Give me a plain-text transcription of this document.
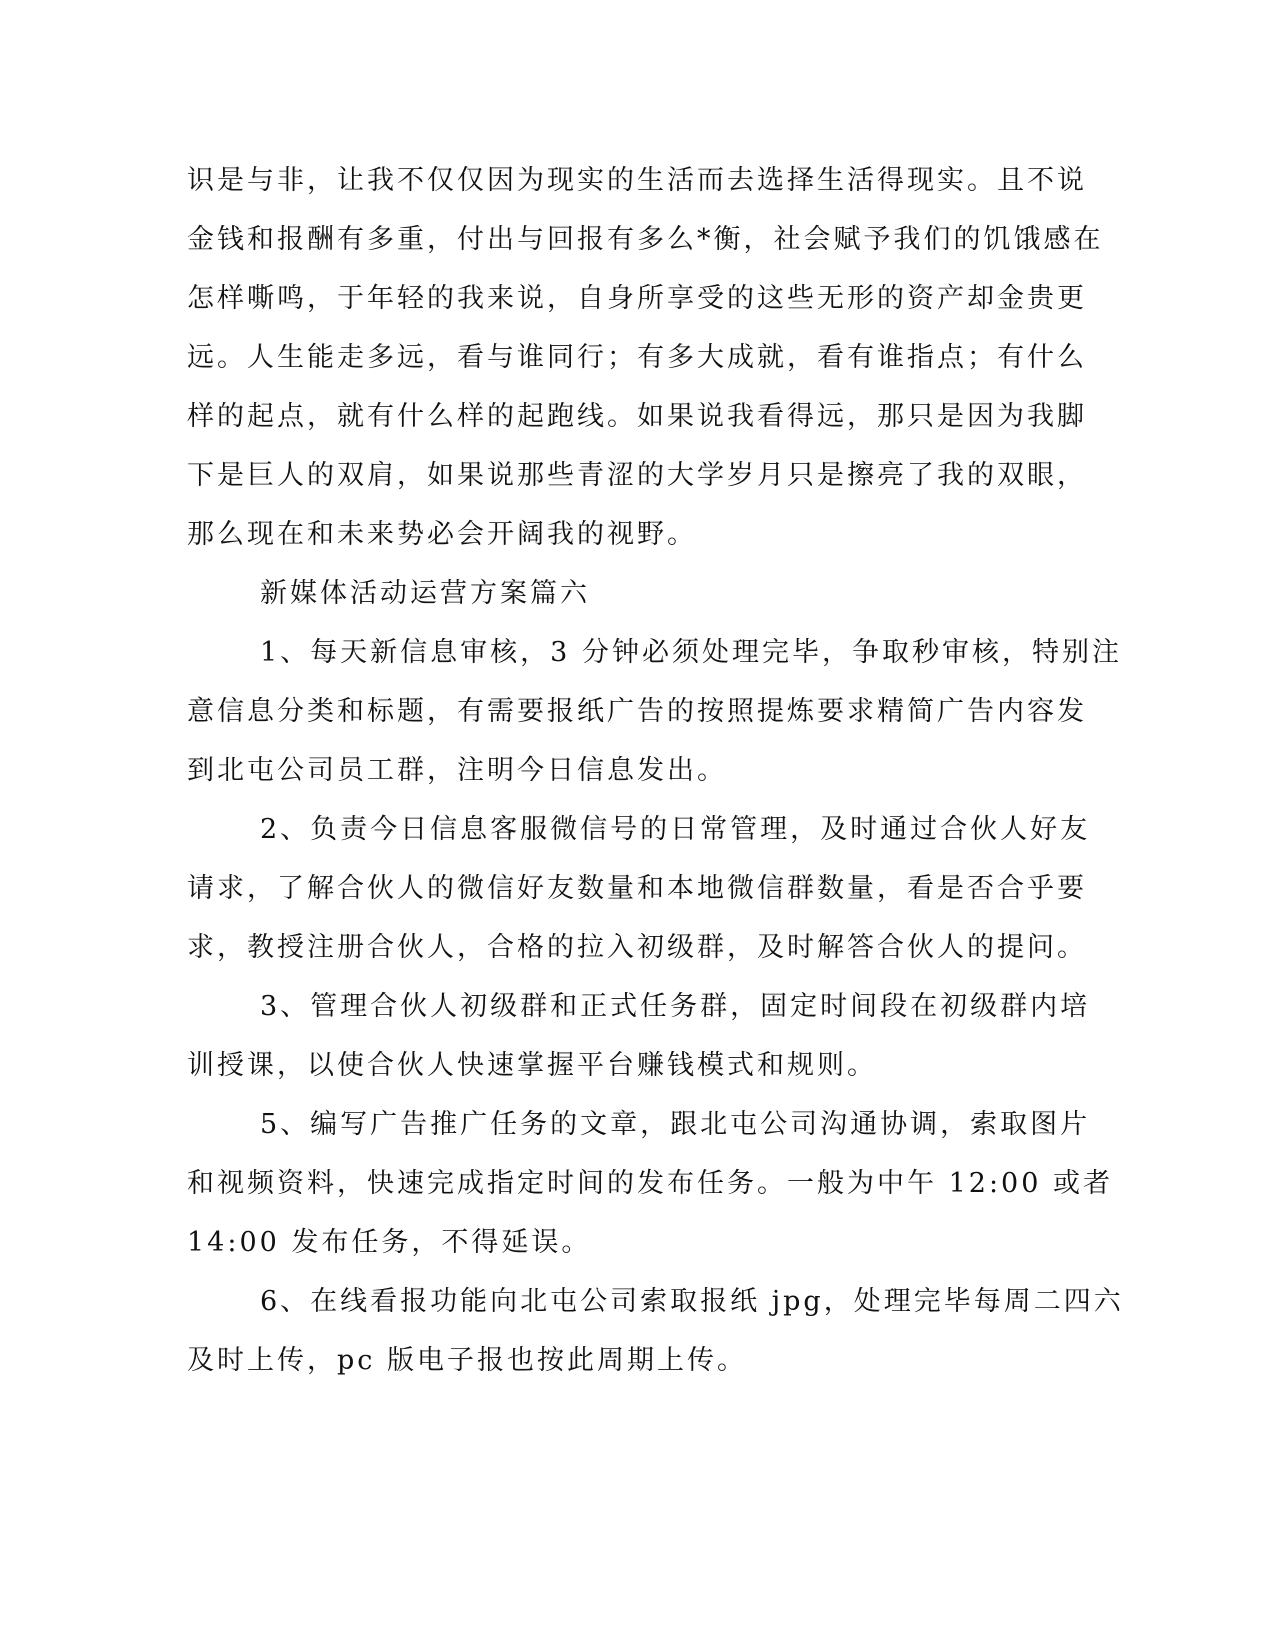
识是与非，让我不仅仅因为现实的生活而去选择生活得现实。且不说
金钱和报酬有多重，付出与回报有多么*衡，社会赋予我们的饥饿感在
怎样嘶鸣，于年轻的我来说，自身所享受的这些无形的资产却金贵更
远。人生能走多远，看与谁同行；有多大成就，看有谁指点；有什么
样的起点，就有什么样的起跑线。如果说我看得远，那只是因为我脚
下是巨人的双肩，如果说那些青涩的大学岁月只是擦亮了我的双眼，
那么现在和未来势必会开阔我的视野。
新媒体活动运营方案篇六
1、每天新信息审核，3 分钟必须处理完毕，争取秒审核，特别注
意信息分类和标题，有需要报纸广告的按照提炼要求精简广告内容发
到北屯公司员工群，注明今日信息发出。
2、负责今日信息客服微信号的日常管理，及时通过合伙人好友
请求，了解合伙人的微信好友数量和本地微信群数量，看是否合乎要
求，教授注册合伙人，合格的拉入初级群，及时解答合伙人的提问。
3、管理合伙人初级群和正式任务群，固定时间段在初级群内培
训授课，以使合伙人快速掌握平台赚钱模式和规则。
5、编写广告推广任务的文章，跟北屯公司沟通协调，索取图片
和视频资料，快速完成指定时间的发布任务。一般为中午 12:00 或者
14:00 发布任务，不得延误。
6、在线看报功能向北屯公司索取报纸 jpg，处理完毕每周二四六
及时上传，pc 版电子报也按此周期上传。
